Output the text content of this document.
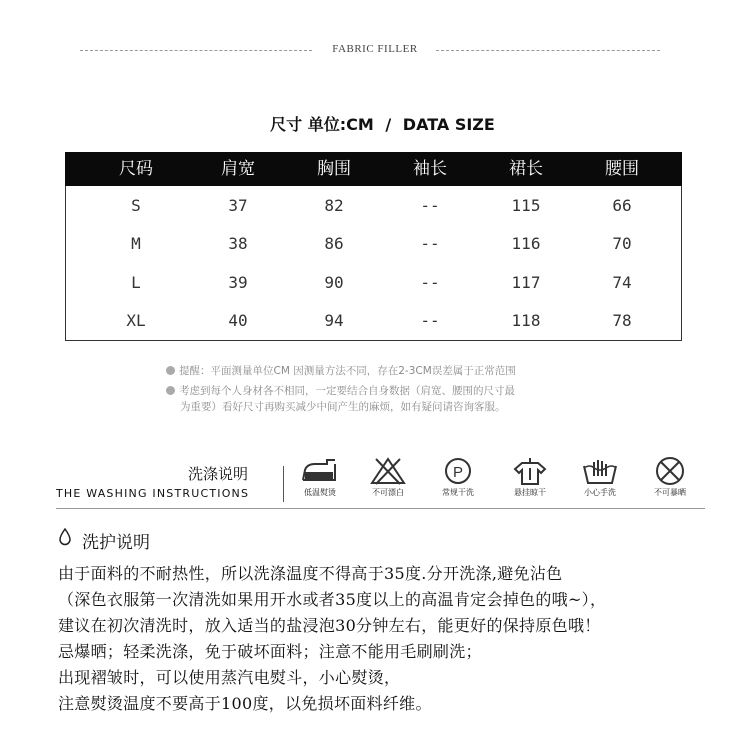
FABRIC FILLER
尺寸 单位:CM / DATA SIZE
尺码	肩宽	胸围	袖长	裙长	腰围
S	37	82	--	115	66
M	38	86	--	116	70
L	39	90	--	117	74
XL	40	94	--	118	78
提醒：平面测量单位CM 因测量方法不同，存在2-3CM误差属于正常范围
考虑到每个人身材各不相同，一定要结合自身数据（肩宽、腰围的尺寸最
为重要）看好尺寸再购买减少中间产生的麻烦，如有疑问请咨询客服。
洗涤说明
THE WASHING INSTRUCTIONS	低温熨烫	不可漂白
P
常规干洗	悬挂晾干	小心手洗	不可暴晒
洗护说明
由于面料的不耐热性，所以洗涤温度不得高于35度.分开洗涤,避免沾色
（深色衣服第一次清洗如果用开水或者35度以上的高温肯定会掉色的哦~），
建议在初次清洗时，放入适当的盐浸泡30分钟左右，能更好的保持原色哦！
忌爆晒；轻柔洗涤，免于破坏面料；注意不能用毛刷刷洗；
出现褶皱时，可以使用蒸汽电熨斗，小心熨烫，
注意熨烫温度不要高于100度，以免损坏面料纤维。
